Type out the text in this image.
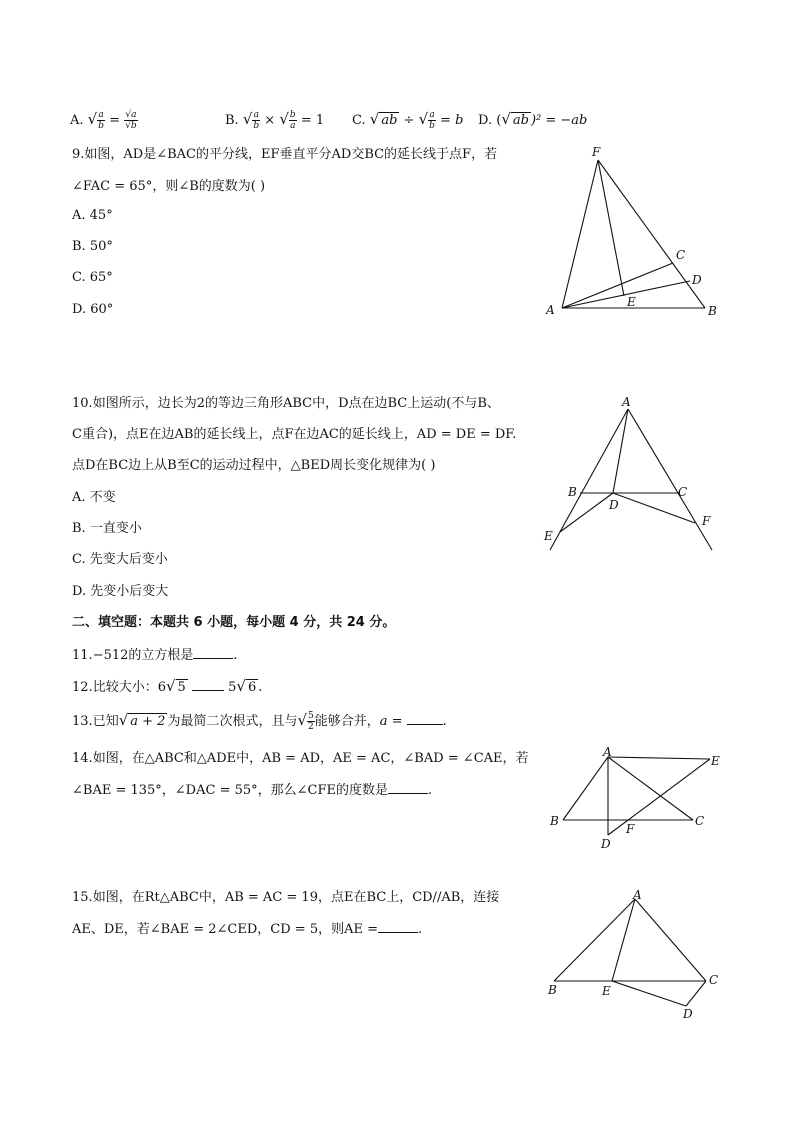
A. √ $\frac{a}{b} = \frac{√a}{√b}$	B. √ $\frac{a}{b}$ × √ $\frac{b}{a} = 1$ C. √ ab ÷ √ $\frac{a}{b} = b$ D. (√ ab )² = −ab
9.如图，AD是∠BAC的平分线，EF垂直平分AD交BC的延长线于点F，若
∠FAC = 65°，则∠B的度数为( )
A. 45°
B. 50°
C. 65°
D. 60°
F
C
D
A
E
B
10.如图所示，边长为2的等边三角形ABC中，D点在边BC上运动(不与B、
C重合)，点E在边AB的延长线上，点F在边AC的延长线上，AD = DE = DF.
点D在BC边上从B至C的运动过程中，△BED周长变化规律为( )
A. 不变
B. 一直变小
C. 先变大后变小
D. 先变小后变大
A
B	C
D
E
F
二、填空题：本题共 6 小题，每小题 4 分，共 24 分。
11.−512的立方根是	.
12.比较大小：6√ 5	5√ 6 .
13.已知√ a + 2 为最简二次根式，且与√ $\frac{5}{2}$ 能够合并，a =	.
14.如图，在△ABC和△ADE中，AB = AD，AE = AC，∠BAD = ∠CAE，若
∠BAE = 135°，∠DAC = 55°，那么∠CFE的度数是	.
A
E
B	C
D
F
15.如图，在Rt△ABC中，AB = AC = 19，点E在BC上，CD//AB，连接
AE、DE，若∠BAE = 2∠CED，CD = 5，则AE =	.
A
B	E
C
D
